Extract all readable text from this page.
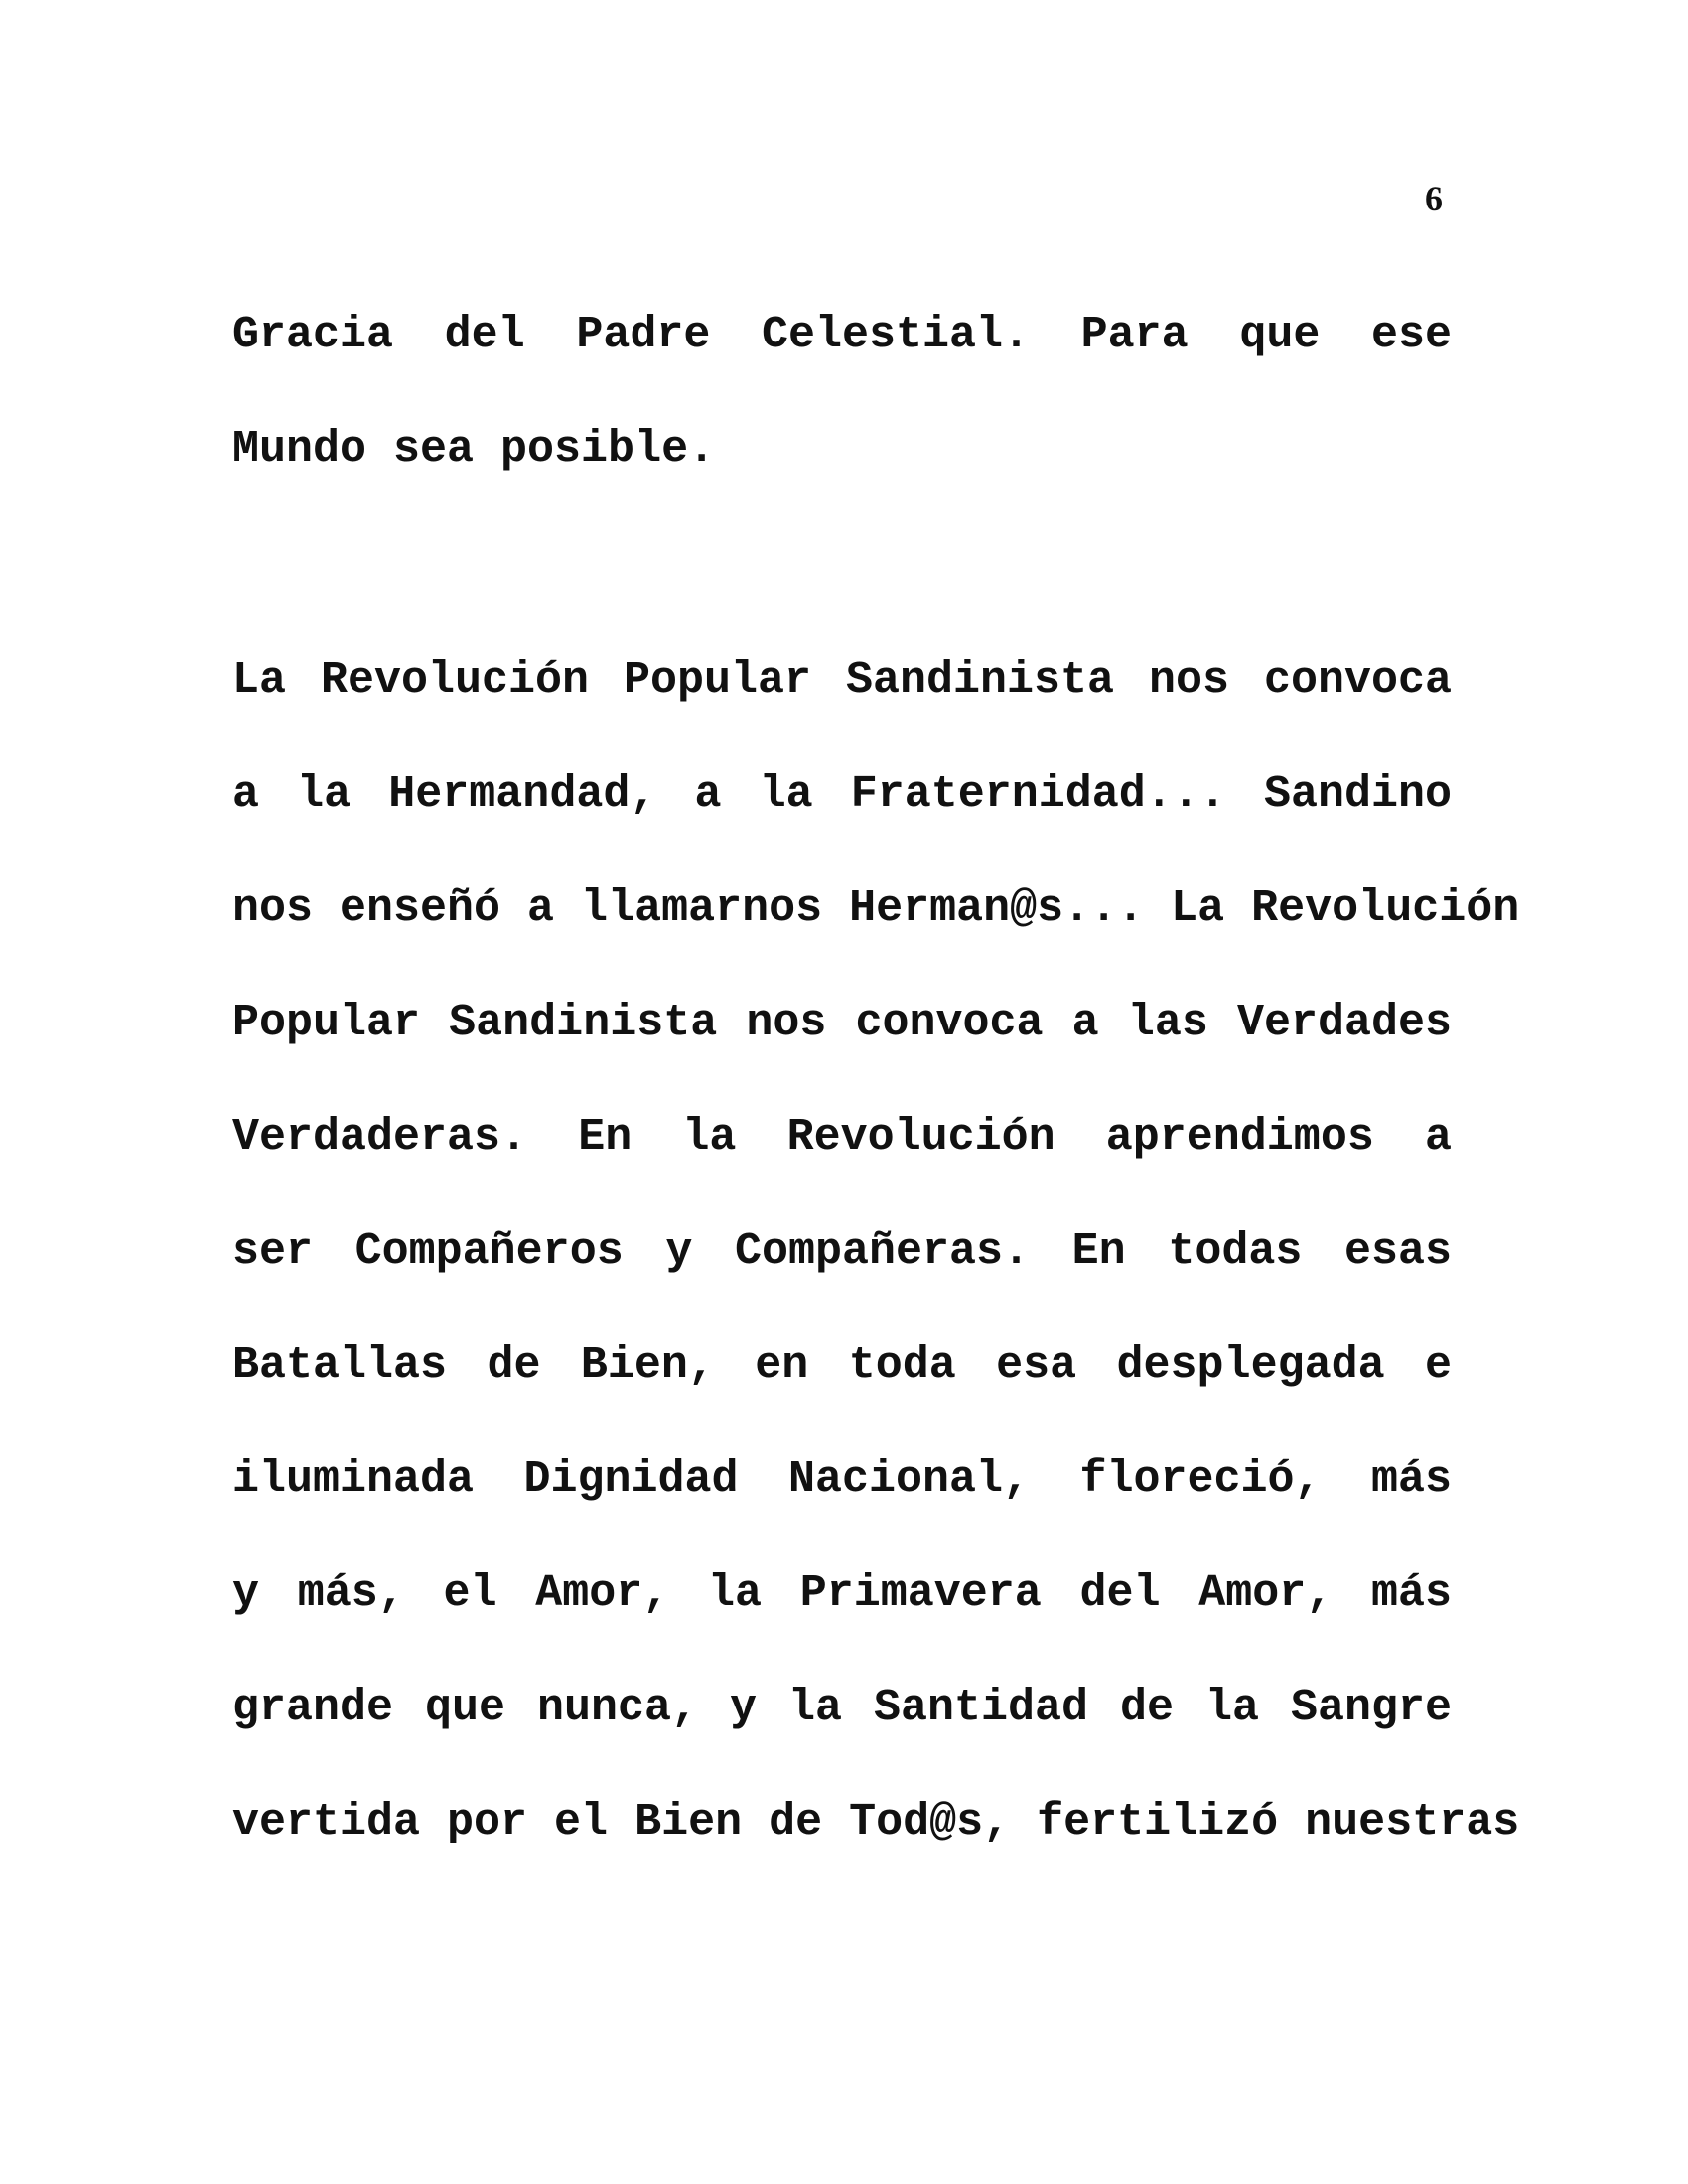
6
Gracia del Padre Celestial. Para que ese
Mundo sea posible.
La Revolución Popular Sandinista nos convoca
a la Hermandad, a la Fraternidad... Sandino
nos enseñó a llamarnos Herman@s... La Revolución
Popular Sandinista nos convoca a las Verdades
Verdaderas. En la Revolución aprendimos a
ser Compañeros y Compañeras. En todas esas
Batallas de Bien, en toda esa desplegada e
iluminada Dignidad Nacional, floreció, más
y más, el Amor, la Primavera del Amor, más
grande que nunca, y la Santidad de la Sangre
vertida por el Bien de Tod@s, fertilizó nuestras
